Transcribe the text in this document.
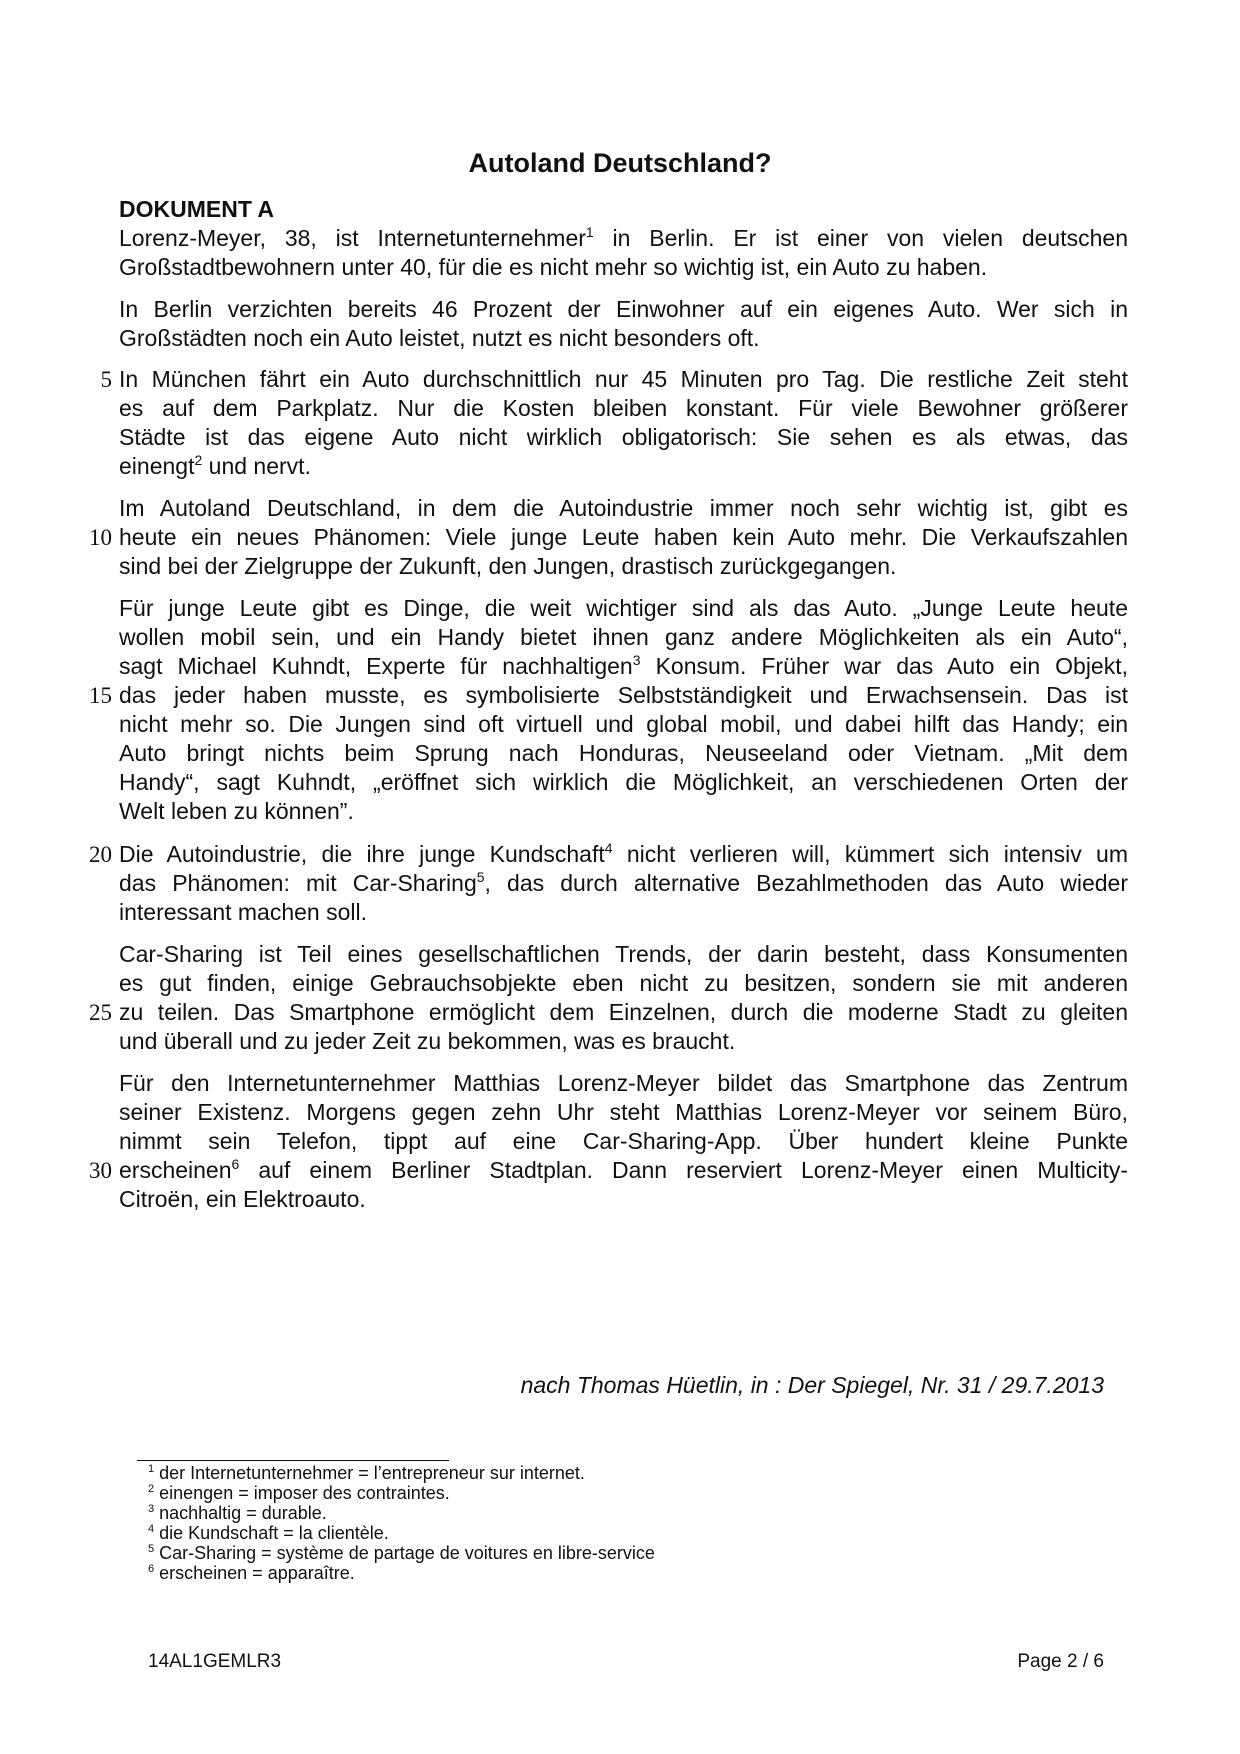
Autoland Deutschland?
DOKUMENT A
Lorenz-Meyer, 38, ist Internetunternehmer$^1$ in Berlin. Er ist einer von vielen deutschen
Großstadtbewohnern unter 40, für die es nicht mehr so wichtig ist, ein Auto zu haben.
In Berlin verzichten bereits 46 Prozent der Einwohner auf ein eigenes Auto. Wer sich in
Großstädten noch ein Auto leistet, nutzt es nicht besonders oft.
In München fährt ein Auto durchschnittlich nur 45 Minuten pro Tag. Die restliche Zeit steht
es auf dem Parkplatz. Nur die Kosten bleiben konstant. Für viele Bewohner größerer
Städte ist das eigene Auto nicht wirklich obligatorisch: Sie sehen es als etwas, das
einengt$^2$ und nervt.
Im Autoland Deutschland, in dem die Autoindustrie immer noch sehr wichtig ist, gibt es
heute ein neues Phänomen: Viele junge Leute haben kein Auto mehr. Die Verkaufszahlen
sind bei der Zielgruppe der Zukunft, den Jungen, drastisch zurückgegangen.
Für junge Leute gibt es Dinge, die weit wichtiger sind als das Auto. „Junge Leute heute
wollen mobil sein, und ein Handy bietet ihnen ganz andere Möglichkeiten als ein Auto“,
sagt Michael Kuhndt, Experte für nachhaltigen$^3$ Konsum. Früher war das Auto ein Objekt,
das jeder haben musste, es symbolisierte Selbstständigkeit und Erwachsensein. Das ist
nicht mehr so. Die Jungen sind oft virtuell und global mobil, und dabei hilft das Handy; ein
Auto bringt nichts beim Sprung nach Honduras, Neuseeland oder Vietnam. „Mit dem
Handy“, sagt Kuhndt, „eröffnet sich wirklich die Möglichkeit, an verschiedenen Orten der
Welt leben zu können”.
Die Autoindustrie, die ihre junge Kundschaft$^4$ nicht verlieren will, kümmert sich intensiv um
das Phänomen: mit Car-Sharing$^5$, das durch alternative Bezahlmethoden das Auto wieder
interessant machen soll.
Car-Sharing ist Teil eines gesellschaftlichen Trends, der darin besteht, dass Konsumenten
es gut finden, einige Gebrauchsobjekte eben nicht zu besitzen, sondern sie mit anderen
zu teilen. Das Smartphone ermöglicht dem Einzelnen, durch die moderne Stadt zu gleiten
und überall und zu jeder Zeit zu bekommen, was es braucht.
Für den Internetunternehmer Matthias Lorenz-Meyer bildet das Smartphone das Zentrum
seiner Existenz. Morgens gegen zehn Uhr steht Matthias Lorenz-Meyer vor seinem Büro,
nimmt sein Telefon, tippt auf eine Car-Sharing-App. Über hundert kleine Punkte
erscheinen$^6$ auf einem Berliner Stadtplan. Dann reserviert Lorenz-Meyer einen Multicity-
Citroën, ein Elektroauto.
5
10
15
20
25
30
nach Thomas Hüetlin, in : Der Spiegel, Nr. 31 / 29.7.2013
$^1$ der Internetunternehmer = l’entrepreneur sur internet.
$^2$ einengen = imposer des contraintes.
$^3$ nachhaltig = durable.
$^4$ die Kundschaft = la clientèle.
$^5$ Car-Sharing = système de partage de voitures en libre-service
$^6$ erscheinen = apparaître.
14AL1GEMLR3	Page 2 / 6
